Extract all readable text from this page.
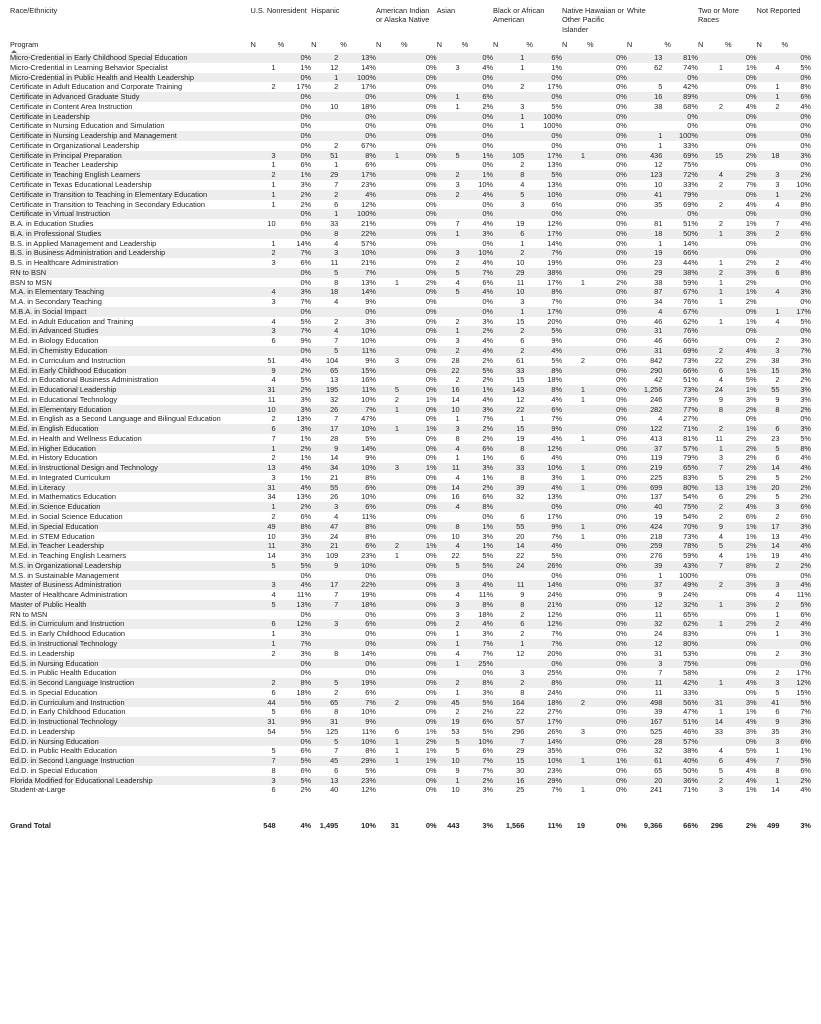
Race/Ethnicity	U.S. Nonresident		Hispanic		American Indian or Alaska Native		Asian		Black or African American		Native Hawaiian or Other Pacific Islander		White		Two or More Races		Not Reported	
Program	N	%	N	%	N	%	N	%	N	%	N	%	N	%	N	%	N	%
Micro-Credential in Early Childhood Special Education		0%	2	13%		0%		0%	1	6%		0%	13	81%		0%		0%
Micro-Credential in Learning Behavior Specialist	1	1%	12	14%		0%	3	4%	1	1%		0%	62	74%	1	1%	4	5%
Micro-Credential in Public Health and Health Leadership		0%	1	100%		0%		0%		0%		0%		0%		0%		0%
Certificate in Adult Education and Corporate Training	2	17%	2	17%		0%		0%	2	17%		0%	5	42%		0%	1	8%
Certificate in Advanced Graduate Study		0%		0%		0%	1	6%		0%		0%	16	89%		0%	1	6%
Certificate in Content Area Instruction		0%	10	18%		0%	1	2%	3	5%		0%	38	68%	2	4%	2	4%
Certificate in Leadership		0%		0%		0%		0%	1	100%		0%		0%		0%		0%
Certificate in Nursing Education and Simulation		0%		0%		0%		0%	1	100%		0%		0%		0%		0%
Certificate in Nursing Leadership and Management		0%		0%		0%		0%		0%		0%	1	100%		0%		0%
Certificate in Organizational Leadership		0%	2	67%		0%		0%		0%		0%	1	33%		0%		0%
Certificate in Principal Preparation	3	0%	51	8%	1	0%	5	1%	105	17%	1	0%	436	69%	15	2%	18	3%
Certificate in Teacher Leadership	1	6%	1	6%		0%		0%	2	13%		0%	12	75%		0%		0%
Certificate in Teaching English Learners	2	1%	29	17%		0%	2	1%	8	5%		0%	123	72%	4	2%	3	2%
Certificate in Texas Educational Leadership	1	3%	7	23%		0%	3	10%	4	13%		0%	10	33%	2	7%	3	10%
Certificate in Transition to Teaching in Elementary Education	1	2%	2	4%		0%	2	4%	5	10%		0%	41	79%		0%	1	2%
Certificate in Transition to Teaching in Secondary Education	1	2%	6	12%		0%		0%	3	6%		0%	35	69%	2	4%	4	8%
Certificate in Virtual Instruction		0%	1	100%		0%		0%		0%		0%		0%		0%		0%
B.A. in Education Studies	10	6%	33	21%		0%	7	4%	19	12%		0%	81	51%	2	1%	7	4%
B.A. in Professional Studies		0%	8	22%		0%	1	3%	6	17%		0%	18	50%	1	3%	2	6%
B.S. in Applied Management and Leadership	1	14%	4	57%		0%		0%	1	14%		0%	1	14%		0%		0%
B.S. in Business Administration and Leadership	2	7%	3	10%		0%	3	10%	2	7%		0%	19	66%		0%		0%
B.S. in Healthcare Administration	3	6%	11	21%		0%	2	4%	10	19%		0%	23	44%	1	2%	2	4%
RN to BSN		0%	5	7%		0%	5	7%	29	38%		0%	29	38%	2	3%	6	8%
BSN to MSN		0%	8	13%	1	2%	4	6%	11	17%	1	2%	38	59%	1	2%		0%
M.A. in Elementary Teaching	4	3%	18	14%		0%	5	4%	10	8%		0%	87	67%	1	1%	4	3%
M.A. in Secondary Teaching	3	7%	4	9%		0%		0%	3	7%		0%	34	76%	1	2%		0%
M.B.A. in Social Impact		0%		0%		0%		0%	1	17%		0%	4	67%		0%	1	17%
M.Ed. in Adult Education and Training	4	5%	2	3%		0%	2	3%	15	20%		0%	46	62%	1	1%	4	5%
M.Ed. in Advanced Studies	3	7%	4	10%		0%	1	2%	2	5%		0%	31	76%		0%		0%
M.Ed. in Biology Education	6	9%	7	10%		0%	3	4%	6	9%		0%	46	66%		0%	2	3%
M.Ed. in Chemistry Education		0%	5	11%		0%	2	4%	2	4%		0%	31	69%	2	4%	3	7%
M.Ed. in Curriculum and Instruction	51	4%	104	9%	3	0%	28	2%	61	5%	2	0%	842	73%	22	2%	38	3%
M.Ed. in Early Childhood Education	9	2%	65	15%		0%	22	5%	33	8%		0%	290	66%	6	1%	15	3%
M.Ed. in Educational Business Administration	4	5%	13	16%		0%	2	2%	15	18%		0%	42	51%	4	5%	2	2%
M.Ed. in Educational Leadership	31	2%	195	11%	5	0%	16	1%	143	8%	1	0%	1,256	73%	24	1%	55	3%
M.Ed. in Educational Technology	11	3%	32	10%	2	1%	14	4%	12	4%	1	0%	246	73%	9	3%	9	3%
M.Ed. in Elementary Education	10	3%	26	7%	1	0%	10	3%	22	6%		0%	282	77%	8	2%	8	2%
M.Ed. in English as a Second Language and Bilingual Education	2	13%	7	47%		0%	1	7%	1	7%		0%	4	27%		0%		0%
M.Ed. in English Education	6	3%	17	10%	1	1%	3	2%	15	9%		0%	122	71%	2	1%	6	3%
M.Ed. in Health and Wellness Education	7	1%	28	5%		0%	8	2%	19	4%	1	0%	413	81%	11	2%	23	5%
M.Ed. in Higher Education	1	2%	9	14%		0%	4	6%	8	12%		0%	37	57%	1	2%	5	8%
M.Ed. in History Education	2	1%	14	9%		0%	1	1%	6	4%		0%	119	79%	3	2%	6	4%
M.Ed. in Instructional Design and Technology	13	4%	34	10%	3	1%	11	3%	33	10%	1	0%	219	65%	7	2%	14	4%
M.Ed. in Integrated Curriculum	3	1%	21	8%		0%	4	1%	8	3%	1	0%	225	83%	5	2%	5	2%
M.Ed. in Literacy	31	4%	55	6%		0%	14	2%	39	4%	1	0%	699	80%	13	1%	20	2%
M.Ed. in Mathematics Education	34	13%	26	10%		0%	16	6%	32	13%		0%	137	54%	6	2%	5	2%
M.Ed. in Science Education	1	2%	3	6%		0%	4	8%		0%		0%	40	75%	2	4%	3	6%
M.Ed. in Social Science Education	2	6%	4	11%		0%		0%	6	17%		0%	19	54%	2	6%	2	6%
M.Ed. in Special Education	49	8%	47	8%		0%	8	1%	55	9%	1	0%	424	70%	9	1%	17	3%
M.Ed. in STEM Education	10	3%	24	8%		0%	10	3%	20	7%	1	0%	218	73%	4	1%	13	4%
M.Ed. in Teacher Leadership	11	3%	21	6%	2	1%	4	1%	14	4%		0%	259	78%	5	2%	14	4%
M.Ed. in Teaching English Learners	14	3%	109	23%	1	0%	22	5%	22	5%		0%	276	59%	4	1%	19	4%
M.S. in Organizational Leadership	5	5%	9	10%		0%	5	5%	24	26%		0%	39	43%	7	8%	2	2%
M.S. in Sustainable Management		0%		0%		0%		0%		0%		0%	1	100%		0%		0%
Master of Business Administration	3	4%	17	22%		0%	3	4%	11	14%		0%	37	49%	2	3%	3	4%
Master of Healthcare Administration	4	11%	7	19%		0%	4	11%	9	24%		0%	9	24%		0%	4	11%
Master of Public Health	5	13%	7	18%		0%	3	8%	8	21%		0%	12	32%	1	3%	2	5%
RN to MSN		0%		0%		0%	3	18%	2	12%		0%	11	65%		0%	1	6%
Ed.S. in Curriculum and Instruction	6	12%	3	6%		0%	2	4%	6	12%		0%	32	62%	1	2%	2	4%
Ed.S. in Early Childhood Education	1	3%		0%		0%	1	3%	2	7%		0%	24	83%		0%	1	3%
Ed.S. in Instructional Technology	1	7%		0%		0%	1	7%	1	7%		0%	12	80%		0%		0%
Ed.S. in Leadership	2	3%	8	14%		0%	4	7%	12	20%		0%	31	53%		0%	2	3%
Ed.S. in Nursing Education		0%		0%		0%	1	25%		0%		0%	3	75%		0%		0%
Ed.S. in Public Health Education		0%		0%		0%		0%	3	25%		0%	7	58%		0%	2	17%
Ed.S. in Second Language Instruction	2	8%	5	19%		0%	2	8%	2	8%		0%	11	42%	1	4%	3	12%
Ed.S. in Special Education	6	18%	2	6%		0%	1	3%	8	24%		0%	11	33%		0%	5	15%
Ed.D. in Curriculum and Instruction	44	5%	65	7%	2	0%	45	5%	164	18%	2	0%	498	56%	31	3%	41	5%
Ed.D. in Early Childhood Education	5	6%	8	10%		0%	2	2%	22	27%		0%	39	47%	1	1%	6	7%
Ed.D. in Instructional Technology	31	9%	31	9%		0%	19	6%	57	17%		0%	167	51%	14	4%	9	3%
Ed.D. in Leadership	54	5%	125	11%	6	1%	53	5%	296	26%	3	0%	525	46%	33	3%	35	3%
Ed.D. in Nursing Education		0%	5	10%	1	2%	5	10%	7	14%		0%	28	57%		0%	3	6%
Ed.D. in Public Health Education	5	6%	7	8%	1	1%	5	6%	29	35%		0%	32	38%	4	5%	1	1%
Ed.D. in Second Language Instruction	7	5%	45	29%	1	1%	10	7%	15	10%	1	1%	61	40%	6	4%	7	5%
Ed.D. in Special Education	8	6%	6	5%		0%	9	7%	30	23%		0%	65	50%	5	4%	8	6%
Florida Modified for Educational Leadership	3	5%	13	23%		0%	1	2%	16	29%		0%	20	36%	2	4%	1	2%
Student-at-Large	6	2%	40	12%		0%	10	3%	25	7%	1	0%	241	71%	3	1%	14	4%

Grand Total	548	4%	1,495	10%	31	0%	443	3%	1,566	11%	19	0%	9,366	66%	296	2%	499	3%
